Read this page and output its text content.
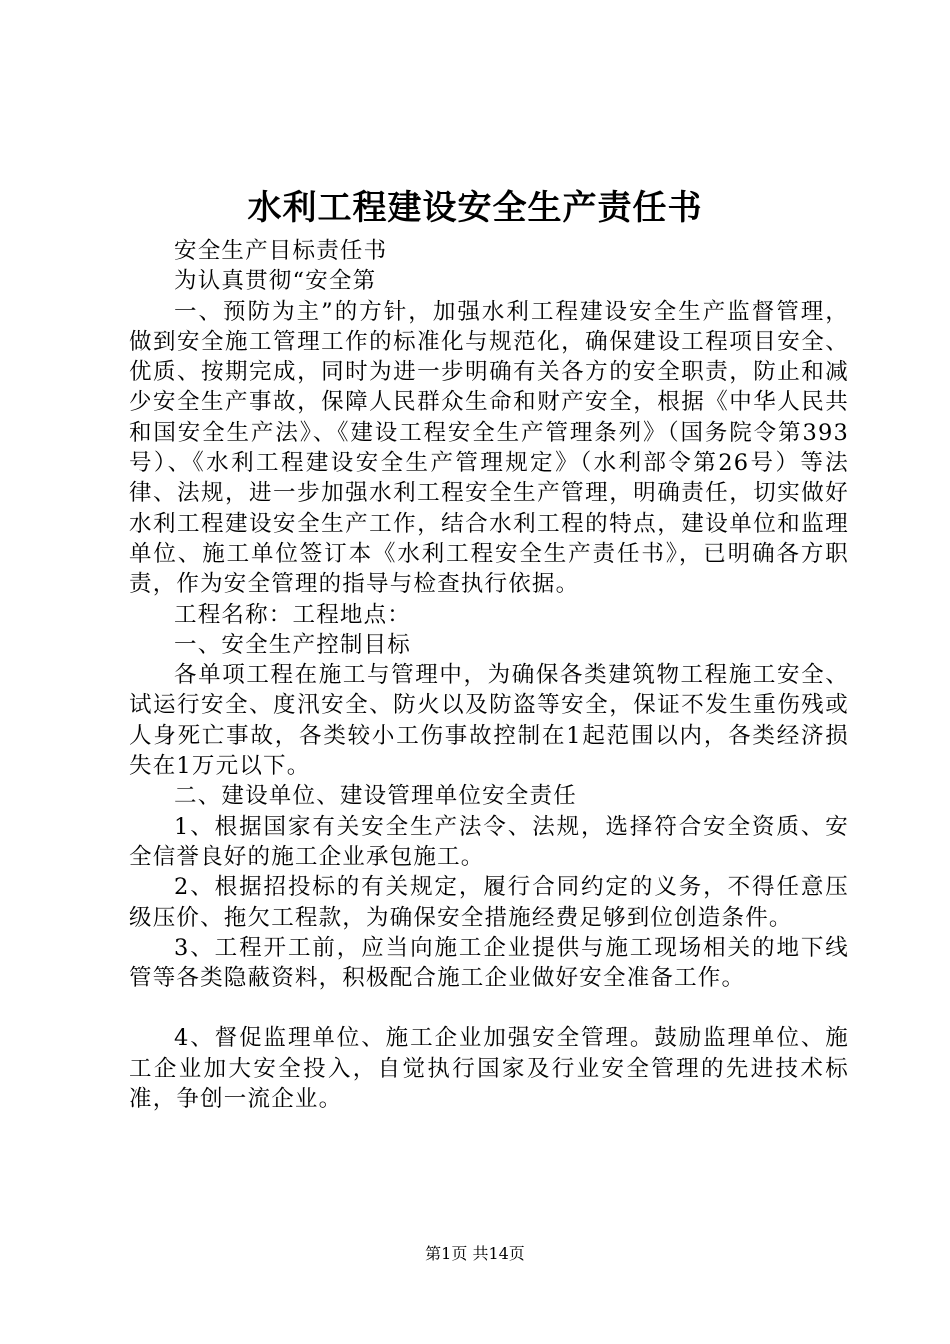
水利工程建设安全生产责任书

安全生产目标责任书

为认真贯彻“安全第

一、预防为主”的方针，加强水利工程建设安全生产监督管理，做到安全施工管理工作的标准化与规范化，确保建设工程项目安全、优质、按期完成，同时为进一步明确有关各方的安全职责，防止和减少安全生产事故，保障人民群众生命和财产安全，根据《中华人民共和国安全生产法》、《建设工程安全生产管理条列》（国务院令第393号）、《水利工程建设安全生产管理规定》（水利部令第26号）等法律、法规，进一步加强水利工程安全生产管理，明确责任，切实做好水利工程建设安全生产工作，结合水利工程的特点，建设单位和监理单位、施工单位签订本《水利工程安全生产责任书》，已明确各方职责，作为安全管理的指导与检查执行依据。

工程名称：工程地点：

一、安全生产控制目标

各单项工程在施工与管理中，为确保各类建筑物工程施工安全、试运行安全、度汛安全、防火以及防盗等安全，保证不发生重伤残或人身死亡事故，各类较小工伤事故控制在1起范围以内，各类经济损失在1万元以下。

二、建设单位、建设管理单位安全责任

1、根据国家有关安全生产法令、法规，选择符合安全资质、安全信誉良好的施工企业承包施工。

2、根据招投标的有关规定，履行合同约定的义务，不得任意压级压价、拖欠工程款，为确保安全措施经费足够到位创造条件。

3、工程开工前，应当向施工企业提供与施工现场相关的地下线管等各类隐蔽资料，积极配合施工企业做好安全准备工作。

4、督促监理单位、施工企业加强安全管理。鼓励监理单位、施工企业加大安全投入，自觉执行国家及行业安全管理的先进技术标准，争创一流企业。

第1页 共14页
